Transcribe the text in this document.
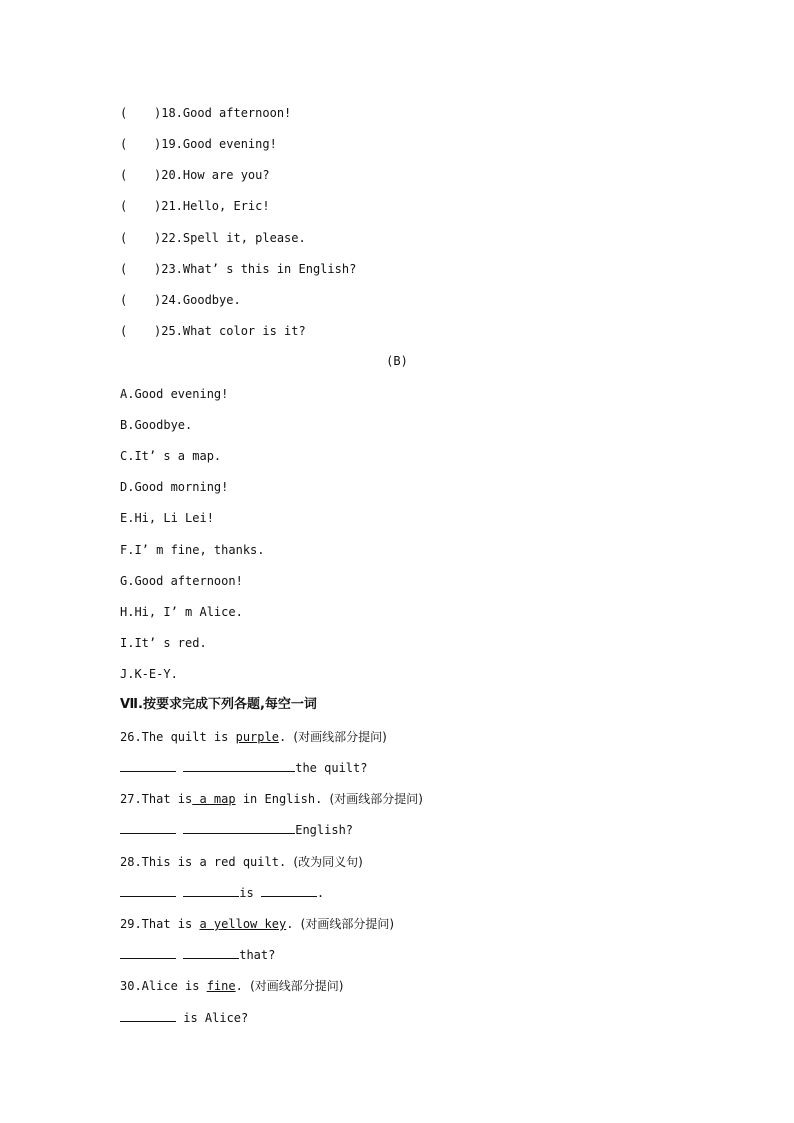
( )18.Good afternoon!
( )19.Good evening!
( )20.How are you?
( )21.Hello, Eric!
( )22.Spell it, please.
( )23.What’ s this in English?
( )24.Goodbye.
( )25.What color is it?
(B)
A.Good evening!
B.Goodbye.
C.It’ s a map.
D.Good morning!
E.Hi, Li Lei!
F.I’ m fine, thanks.
G.Good afternoon!
H.Hi, I’ m Alice.
I.It’ s red.
J.K-E-Y.
Ⅶ.按要求完成下列各题,每空一词
26.The quilt is purple. (对画线部分提问)
the quilt?
27.That is a map in English. (对画线部分提问)
English?
28.This is a red quilt. (改为同义句)
is	.
29.That is a yellow key. (对画线部分提问)
that?
30.Alice is fine. (对画线部分提问)
is Alice?
